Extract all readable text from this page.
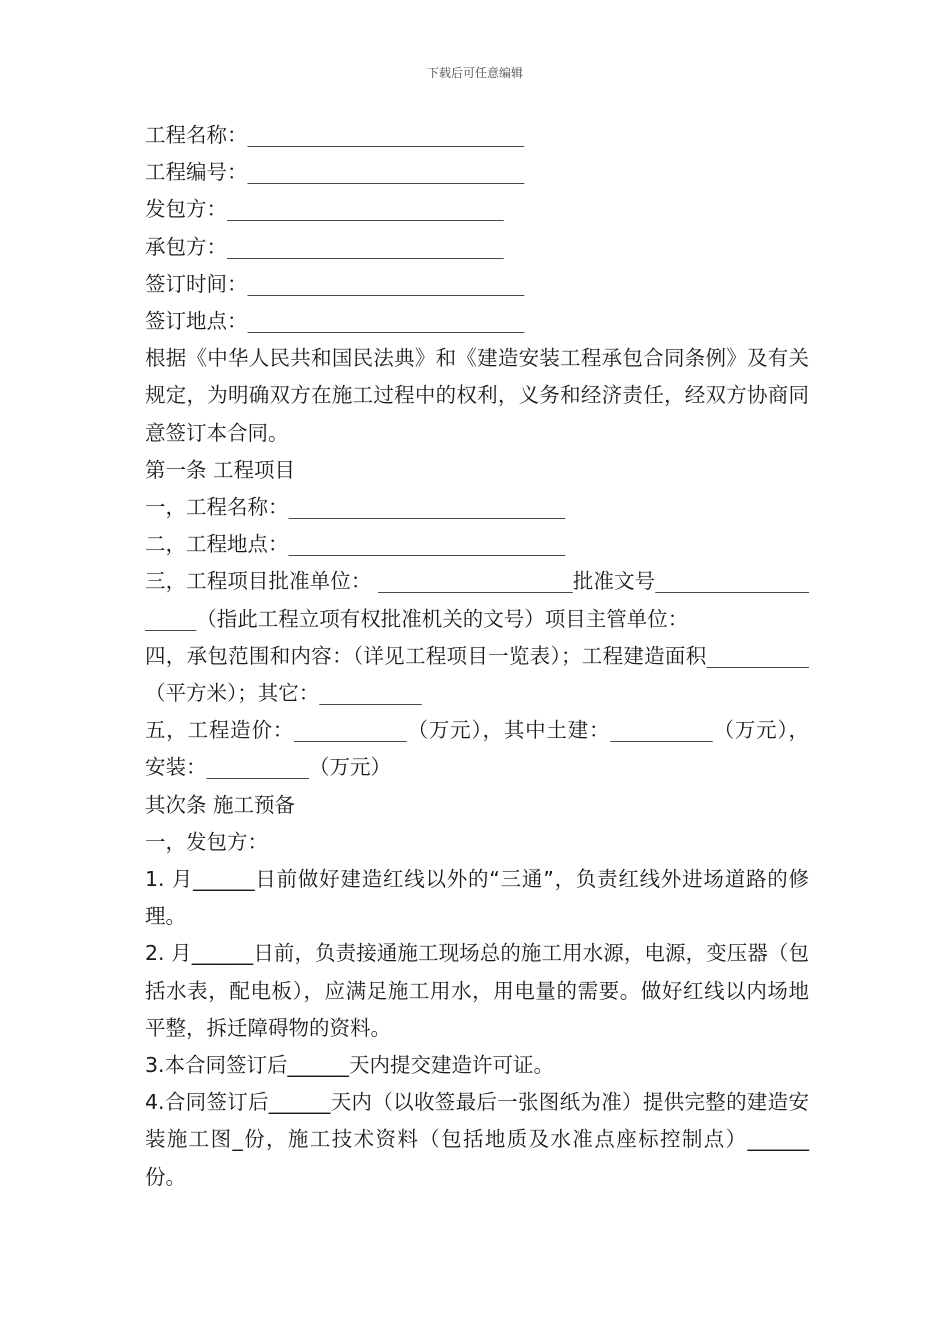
下载后可任意编辑
工程名称：___________________________
工程编号：___________________________
发包方：___________________________
承包方：___________________________
签订时间：___________________________
签订地点：___________________________
根据《中华人民共和国民法典》和《建造安装工程承包合同条例》及有关规定，为明确双方在施工过程中的权利，义务和经济责任，经双方协商同意签订本合同。
第一条 工程项目
一，工程名称：___________________________
二，工程地点：___________________________
三，工程项目批准单位： ___________________批准文号____________________（指此工程立项有权批准机关的文号）项目主管单位：
四，承包范围和内容：（详见工程项目一览表）；工程建造面积__________（平方米）；其它：__________
五，工程造价：___________（万元），其中土建：__________（万元），安装：__________（万元）
其次条 施工预备
一，发包方：
1. 月______日前做好建造红线以外的“三通”，负责红线外进场道路的修理。
2. 月______日前，负责接通施工现场总的施工用水源，电源，变压器（包括水表，配电板），应满足施工用水，用电量的需要。做好红线以内场地平整，拆迁障碍物的资料。
3.本合同签订后______天内提交建造许可证。
4.合同签订后______天内（以收签最后一张图纸为准）提供完整的建造安装施工图_份，施工技术资料（包括地质及水准点座标控制点）______份。
